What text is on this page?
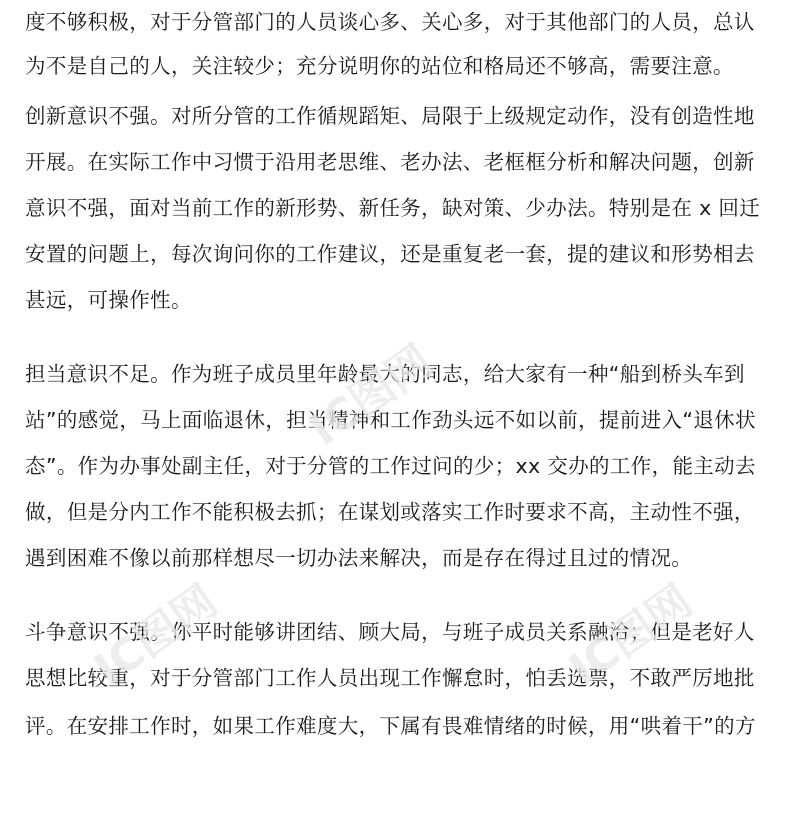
度不够积极，对于分管部门的人员谈心多、关心多，对于其他部门的人员，总认
为不是自己的人，关注较少；充分说明你的站位和格局还不够高，需要注意。
创新意识不强。对所分管的工作循规蹈矩、局限于上级规定动作，没有创造性地
开展。在实际工作中习惯于沿用老思维、老办法、老框框分析和解决问题，创新
意识不强，面对当前工作的新形势、新任务，缺对策、少办法。特别是在 x 回迁
安置的问题上，每次询问你的工作建议，还是重复老一套，提的建议和形势相去
甚远，可操作性。
担当意识不足。作为班子成员里年龄最大的同志，给大家有一种“船到桥头车到
站”的感觉，马上面临退休，担当精神和工作劲头远不如以前，提前进入“退休状
态”。作为办事处副主任，对于分管的工作过问的少；xx 交办的工作，能主动去
做，但是分内工作不能积极去抓；在谋划或落实工作时要求不高，主动性不强，
遇到困难不像以前那样想尽一切办法来解决，而是存在得过且过的情况。
斗争意识不强。你平时能够讲团结、顾大局，与班子成员关系融洽；但是老好人
思想比较重，对于分管部门工作人员出现工作懈怠时，怕丢选票，不敢严厉地批
评。在安排工作时，如果工作难度大，下属有畏难情绪的时候，用“哄着干”的方
IC图网
IC图网	IC图网
